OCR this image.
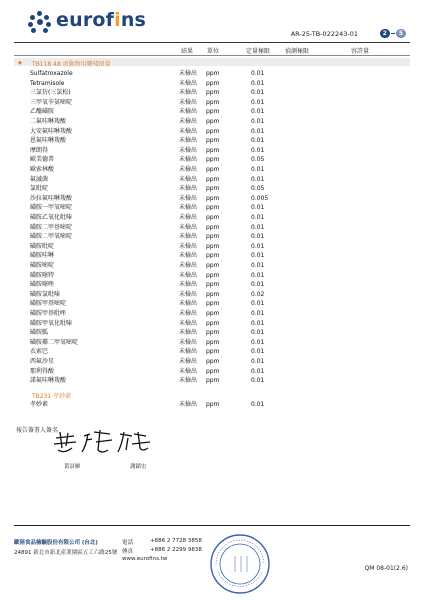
eurofins
AR-25-TB-022243-01	2	5
結果 單位	定量極限 偵測極限	容許量
◆ TB118 48 項動物用藥殘留量
Sulfatroxazole	未檢出 ppm	0.01
Tetramisole	未檢出 ppm	0.01
三氯仿(三氯松)	未檢出 ppm	0.01
三甲氧苄氨嘧啶	未檢出 ppm	0.01
乙醯磺胺	未檢出 ppm	0.01
二氟哇啉羧酸	未檢出 ppm	0.01
大安氟哇啉羧酸	未檢出 ppm	0.01
恩氟哇啉羧酸	未檢出 ppm	0.01
摩朗得	未檢出 ppm	0.01
歐美德普	未檢出 ppm	0.05
歐索林酸	未檢出 ppm	0.01
氟滅菌	未檢出 ppm	0.01
氯吡啶	未檢出 ppm	0.05
沙拉氟哇啉羧酸	未檢出 ppm	0.005
磺胺一甲氧嘧啶	未檢出 ppm	0.01
磺胺乙氧化吡嗪	未檢出 ppm	0.01
磺胺二甲基嘧啶	未檢出 ppm	0.01
磺胺二甲氧嘧啶	未檢出 ppm	0.01
磺胺吡啶	未檢出 ppm	0.01
磺胺哇啉	未檢出 ppm	0.01
磺胺嘧啶	未檢出 ppm	0.01
磺胺噻特	未檢出 ppm	0.01
磺胺噻唑	未檢出 ppm	0.01
磺胺氯吡嗪	未檢出 ppm	0.02
磺胺甲基嘧啶	未檢出 ppm	0.01
磺胺甲基吡唑	未檢出 ppm	0.01
磺胺甲氧化吡嗪	未檢出 ppm	0.01
磺胺胍	未檢出 ppm	0.01
磺胺鄰二甲氧嘧啶	未檢出 ppm	0.01
衣索巴	未檢出 ppm	0.01
西氟沙星	未檢出 ppm	0.01
那利得酸	未檢出 ppm	0.01
諾氟哇啉羧酸	未檢出 ppm	0.01
TB231 孝妙素
孝妙素	未檢出 ppm	0.01
報告簽署人簽名
黃詩雁	謝鎮宏
歐陸食品檢驗股份有限公司 (台北)
24891 新北市新北產業園區五工六路25號
電話	+886 2 7728 3858
傳真	+886 2 2299 9838
www.eurofins.tw
QM 08-01(2.6)
